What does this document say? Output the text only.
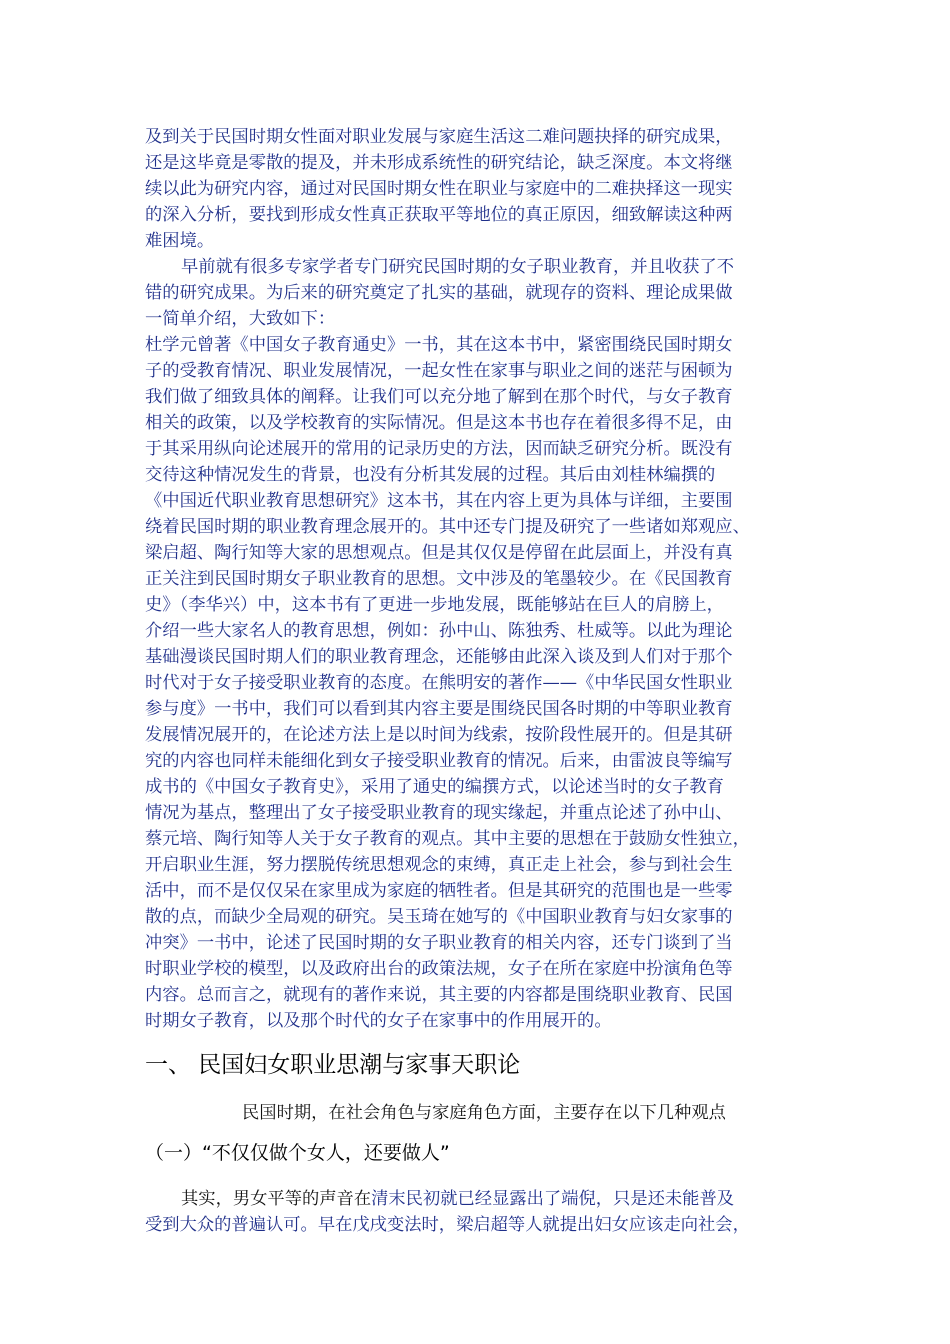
及到关于民国时期女性面对职业发展与家庭生活这二难问题抉择的研究成果，
还是这毕竟是零散的提及，并未形成系统性的研究结论，缺乏深度。本文将继
续以此为研究内容，通过对民国时期女性在职业与家庭中的二难抉择这一现实
的深入分析，要找到形成女性真正获取平等地位的真正原因，细致解读这种两
难困境。
早前就有很多专家学者专门研究民国时期的女子职业教育，并且收获了不
错的研究成果。为后来的研究奠定了扎实的基础，就现存的资料、理论成果做
一简单介绍，大致如下：
杜学元曾著《中国女子教育通史》一书，其在这本书中，紧密围绕民国时期女
子的受教育情况、职业发展情况，一起女性在家事与职业之间的迷茫与困顿为
我们做了细致具体的阐释。让我们可以充分地了解到在那个时代，与女子教育
相关的政策，以及学校教育的实际情况。但是这本书也存在着很多得不足，由
于其采用纵向论述展开的常用的记录历史的方法，因而缺乏研究分析。既没有
交待这种情况发生的背景，也没有分析其发展的过程。其后由刘桂林编撰的
《中国近代职业教育思想研究》这本书，其在内容上更为具体与详细，主要围
绕着民国时期的职业教育理念展开的。其中还专门提及研究了一些诸如郑观应、
梁启超、陶行知等大家的思想观点。但是其仅仅是停留在此层面上，并没有真
正关注到民国时期女子职业教育的思想。文中涉及的笔墨较少。在《民国教育
史》（李华兴）中，这本书有了更进一步地发展，既能够站在巨人的肩膀上，
介绍一些大家名人的教育思想，例如：孙中山、陈独秀、杜威等。以此为理论
基础漫谈民国时期人们的职业教育理念，还能够由此深入谈及到人们对于那个
时代对于女子接受职业教育的态度。在熊明安的著作——《中华民国女性职业
参与度》一书中，我们可以看到其内容主要是围绕民国各时期的中等职业教育
发展情况展开的，在论述方法上是以时间为线索，按阶段性展开的。但是其研
究的内容也同样未能细化到女子接受职业教育的情况。后来，由雷波良等编写
成书的《中国女子教育史》，采用了通史的编撰方式，以论述当时的女子教育
情况为基点，整理出了女子接受职业教育的现实缘起，并重点论述了孙中山、
蔡元培、陶行知等人关于女子教育的观点。其中主要的思想在于鼓励女性独立，
开启职业生涯，努力摆脱传统思想观念的束缚，真正走上社会，参与到社会生
活中，而不是仅仅呆在家里成为家庭的牺牲者。但是其研究的范围也是一些零
散的点，而缺少全局观的研究。吴玉琦在她写的《中国职业教育与妇女家事的
冲突》一书中，论述了民国时期的女子职业教育的相关内容，还专门谈到了当
时职业学校的模型，以及政府出台的政策法规，女子在所在家庭中扮演角色等
内容。总而言之，就现有的著作来说，其主要的内容都是围绕职业教育、民国
时期女子教育，以及那个时代的女子在家事中的作用展开的。
一、 民国妇女职业思潮与家事天职论
民国时期，在社会角色与家庭角色方面，主要存在以下几种观点
（一）“不仅仅做个女人，还要做人”
其实，男女平等的声音在清末民初就已经显露出了端倪，只是还未能普及
受到大众的普遍认可。早在戊戌变法时，梁启超等人就提出妇女应该走向社会，
